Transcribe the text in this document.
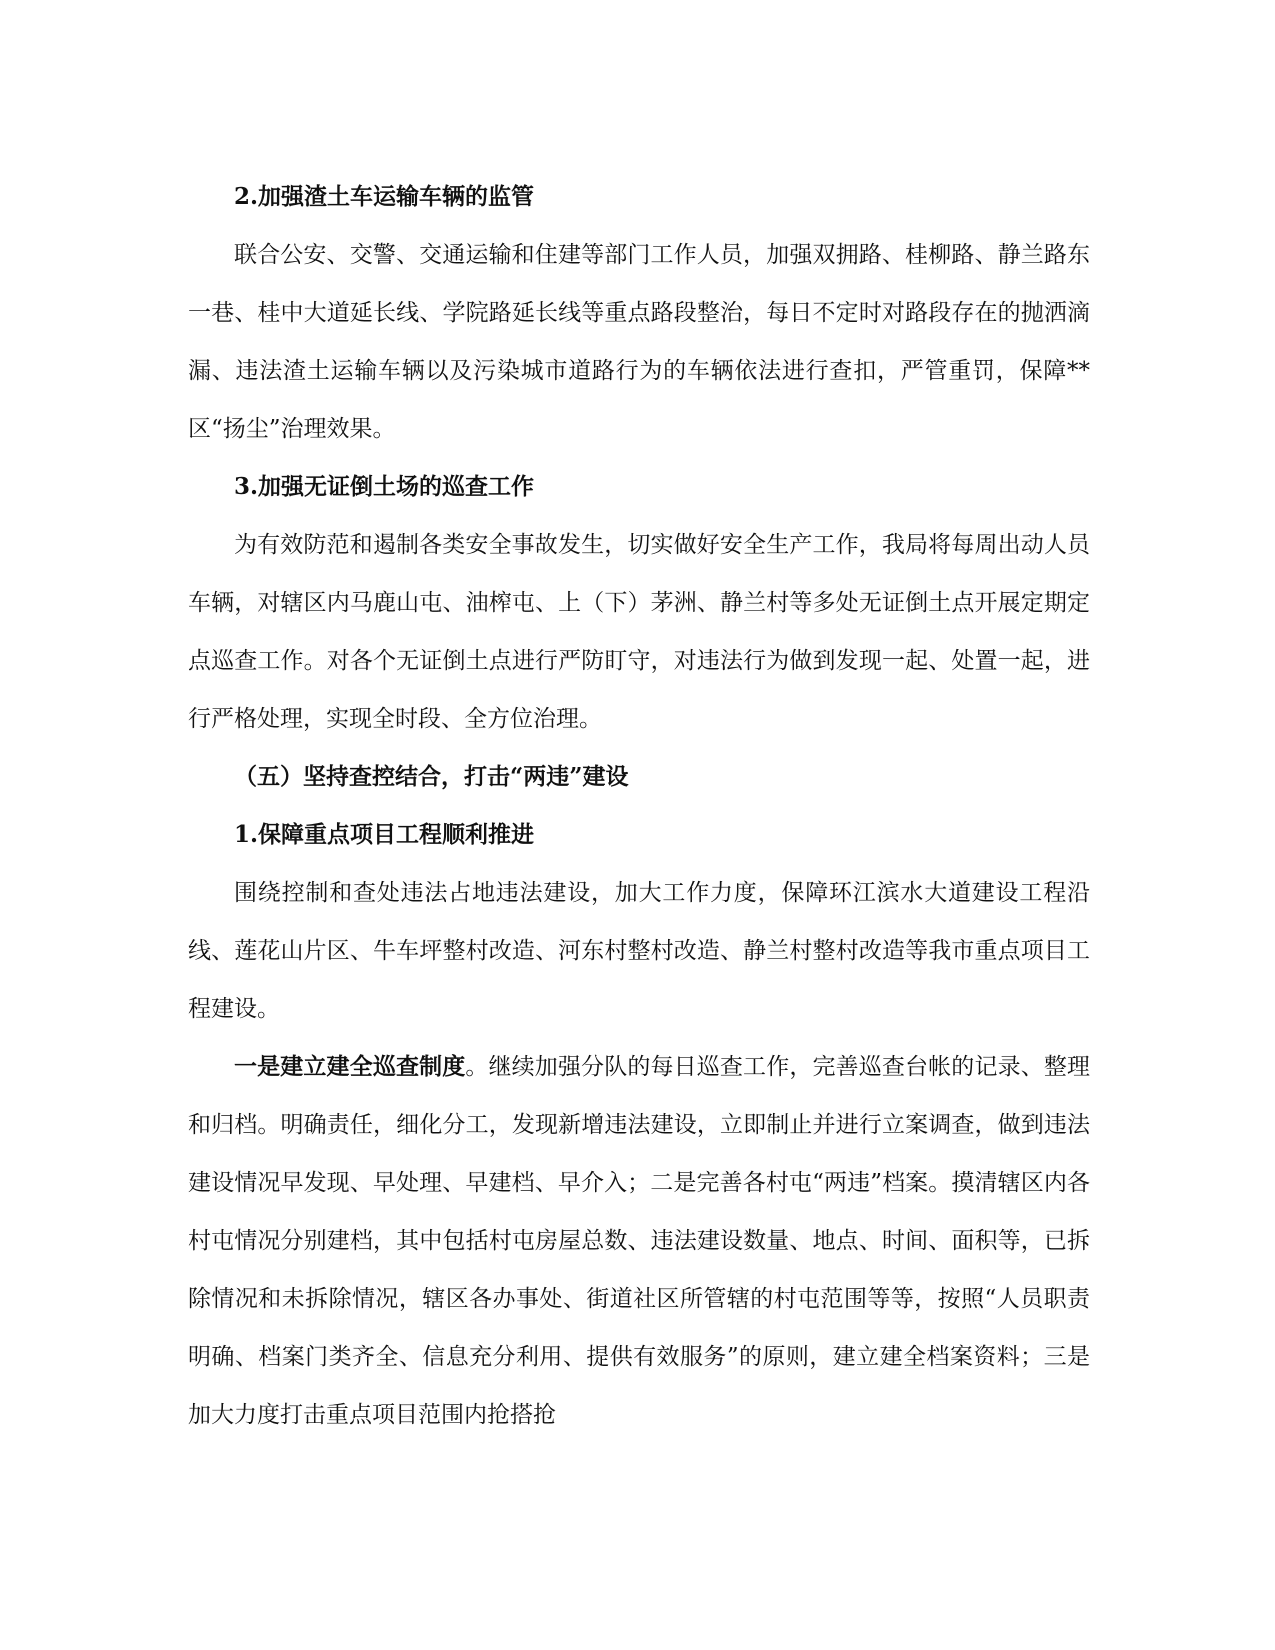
2.加强渣土车运输车辆的监管

联合公安、交警、交通运输和住建等部门工作人员，加强双拥路、桂柳路、静兰路东一巷、桂中大道延长线、学院路延长线等重点路段整治，每日不定时对路段存在的抛洒滴漏、违法渣土运输车辆以及污染城市道路行为的车辆依法进行查扣，严管重罚，保障**区“扬尘”治理效果。

3.加强无证倒土场的巡查工作

为有效防范和遏制各类安全事故发生，切实做好安全生产工作，我局将每周出动人员车辆，对辖区内马鹿山屯、油榨屯、上（下）茅洲、静兰村等多处无证倒土点开展定期定点巡查工作。对各个无证倒土点进行严防盯守，对违法行为做到发现一起、处置一起，进行严格处理，实现全时段、全方位治理。

（五）坚持查控结合，打击“两违”建设
1.保障重点项目工程顺利推进

围绕控制和查处违法占地违法建设，加大工作力度，保障环江滨水大道建设工程沿线、莲花山片区、牛车坪整村改造、河东村整村改造、静兰村整村改造等我市重点项目工程建设。

一是建立建全巡查制度。继续加强分队的每日巡查工作，完善巡查台帐的记录、整理和归档。明确责任，细化分工，发现新增违法建设，立即制止并进行立案调查，做到违法建设情况早发现、早处理、早建档、早介入；二是完善各村屯“两违”档案。摸清辖区内各村屯情况分别建档，其中包括村屯房屋总数、违法建设数量、地点、时间、面积等，已拆除情况和未拆除情况，辖区各办事处、街道社区所管辖的村屯范围等等，按照“人员职责明确、档案门类齐全、信息充分利用、提供有效服务”的原则，建立建全档案资料；三是加大力度打击重点项目范围内抢搭抢
